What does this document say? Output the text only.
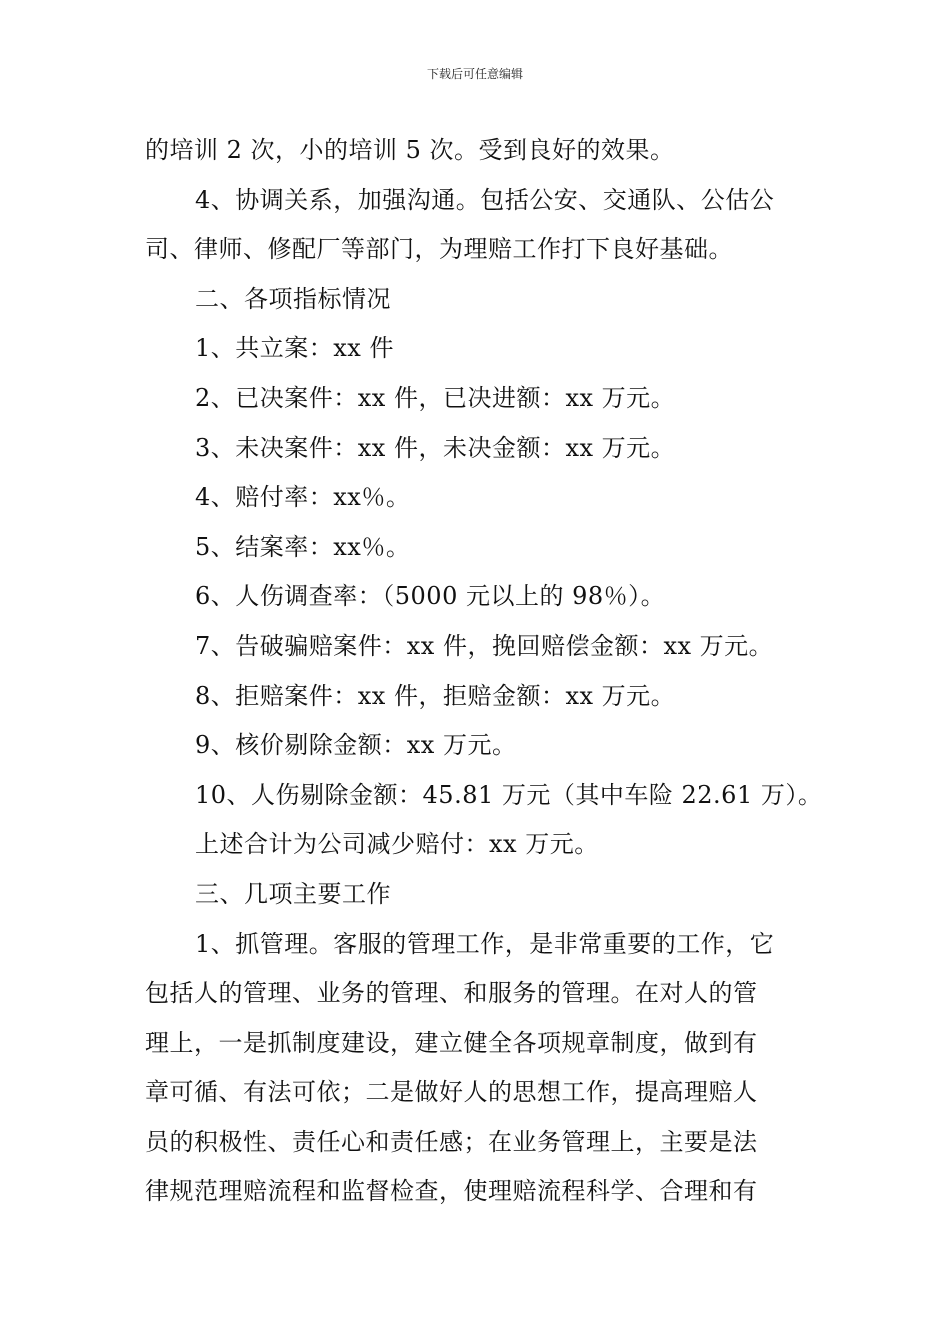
下载后可任意编辑
的培训 2 次，小的培训 5 次。受到良好的效果。
4、协调关系，加强沟通。包括公安、交通队、公估公
司、律师、修配厂等部门，为理赔工作打下良好基础。
二、各项指标情况
1、共立案：xx 件
2、已决案件：xx 件，已决进额：xx 万元。
3、未决案件：xx 件，未决金额：xx 万元。
4、赔付率：xx％。
5、结案率：xx％。
6、人伤调查率：（5000 元以上的 98％）。
7、告破骗赔案件：xx 件，挽回赔偿金额：xx 万元。
8、拒赔案件：xx 件，拒赔金额：xx 万元。
9、核价剔除金额：xx 万元。
10、人伤剔除金额：45.81 万元（其中车险 22.61 万）。
上述合计为公司减少赔付：xx 万元。
三、几项主要工作
1、抓管理。客服的管理工作，是非常重要的工作，它
包括人的管理、业务的管理、和服务的管理。在对人的管
理上，一是抓制度建设，建立健全各项规章制度，做到有
章可循、有法可依；二是做好人的思想工作，提高理赔人
员的积极性、责任心和责任感；在业务管理上，主要是法
律规范理赔流程和监督检查，使理赔流程科学、合理和有
